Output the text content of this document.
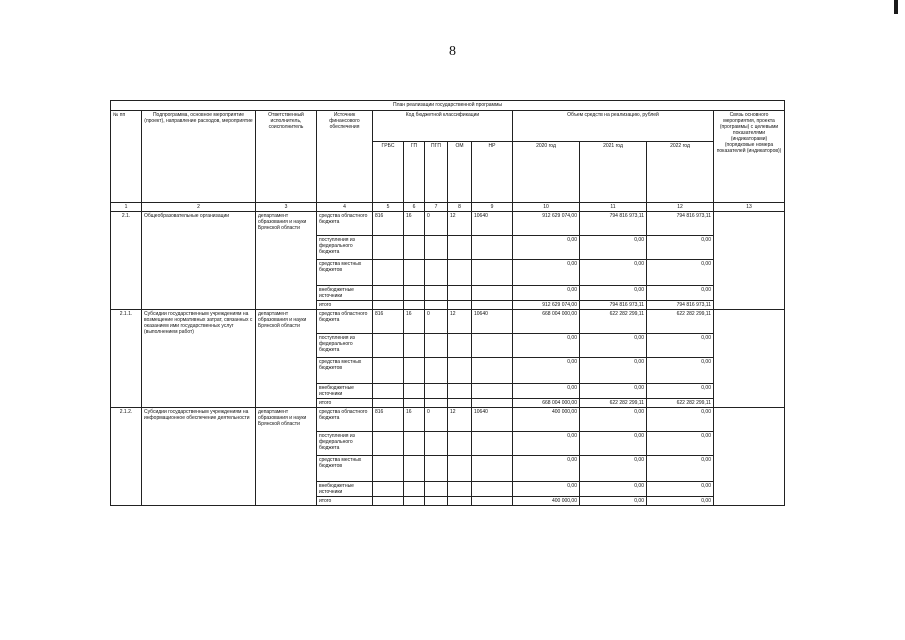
8
План реализации государственной программы												
№ пп	Подпрограмма, основное мероприятие (проект), направление расходов, мероприятие	Ответственный исполнитель, соисполнитель	Источник финансового обеспечения	Код бюджетной классификации					Объем средств на реализацию, рублей			Связь основного мероприятия, проекта (программы) с целевыми показателями (индикаторами) (порядковые номера показателей (индикаторов))
				ГРБС	ГП	ПГП	ОМ	НР	2020 год	2021 год	2022 год	
1	2	3	4	5	6	7	8	9	10	11	12	13
2.1.	Общеобразовательные организации	департамент образования и науки Брянской области	средства областного бюджета	816	16	0	12	10640	912 629 074,00	794 816 973,11	794 816 973,11	
			поступления из федерального бюджета						0,00	0,00	0,00	
			средства местных бюджетов						0,00	0,00	0,00	
			внебюджетные источники						0,00	0,00	0,00	
			итого						912 629 074,00	794 816 973,11	794 816 973,11	
2.1.1.	Субсидии государственным учреждениям на возмещение нормативных затрат, связанных с оказанием ими государственных услуг (выполнением работ)	департамент образования и науки Брянской области	средства областного бюджета	816	16	0	12	10640	668 004 000,00	622 282 299,11	622 282 299,11	
			поступления из федерального бюджета						0,00	0,00	0,00	
			средства местных бюджетов						0,00	0,00	0,00	
			внебюджетные источники						0,00	0,00	0,00	
			итого						668 004 000,00	622 282 299,11	622 282 299,11	
2.1.2.	Субсидии государственным учреждениям на информационное обеспечение деятельности	департамент образования и науки Брянской области	средства областного бюджета	816	16	0	12	10640	400 000,00	0,00	0,00	
			поступления из федерального бюджета						0,00	0,00	0,00	
			средства местных бюджетов						0,00	0,00	0,00	
			внебюджетные источники						0,00	0,00	0,00	
			итого						400 000,00	0,00	0,00	
